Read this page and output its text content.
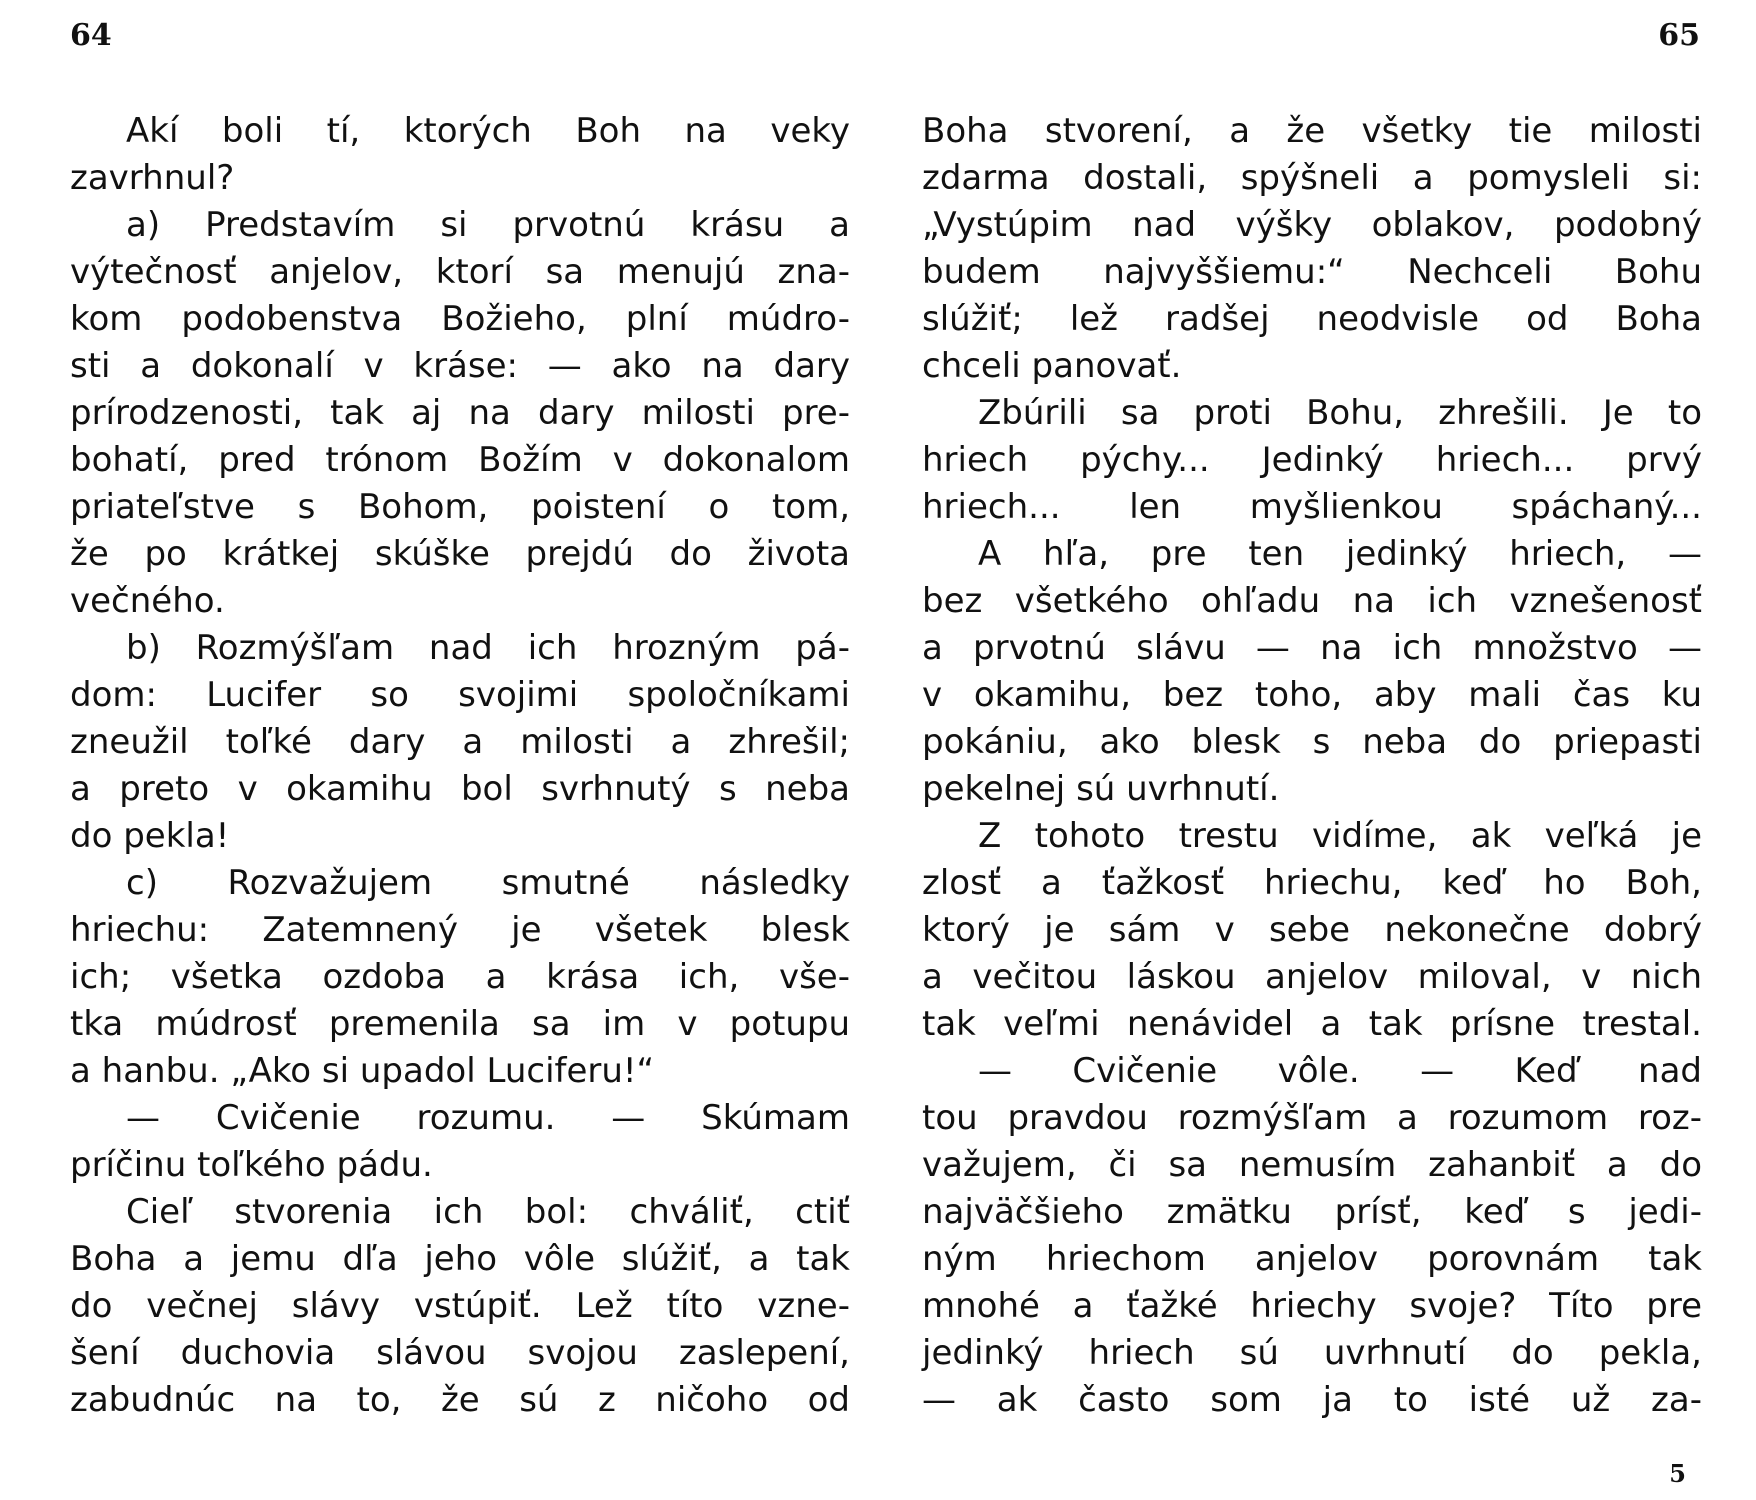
64
Akí boli tí, ktorých Boh na veky
zavrhnul?
a) Predstavím si prvotnú krásu a
výtečnosť anjelov, ktorí sa menujú zna-
kom podobenstva Božieho, plní múdro-
sti a dokonalí v kráse: — ako na dary
prírodzenosti, tak aj na dary milosti pre-
bohatí, pred trónom Božím v dokonalom
priateľstve s Bohom, poistení o tom,
že po krátkej skúške prejdú do života
večného.
b) Rozmýšľam nad ich hrozným pá-
dom: Lucifer so svojimi spoločníkami
zneužil toľké dary a milosti a zhrešil;
a preto v okamihu bol svrhnutý s neba
do pekla!
c) Rozvažujem smutné následky
hriechu: Zatemnený je všetek blesk
ich; všetka ozdoba a krása ich, vše-
tka múdrosť premenila sa im v potupu
a hanbu. „Ako si upadol Luciferu!“
— Cvičenie rozumu. — Skúmam
príčinu toľkého pádu.
Cieľ stvorenia ich bol: chváliť, ctiť
Boha a jemu dľa jeho vôle slúžiť, a tak
do večnej slávy vstúpiť. Lež títo vzne-
šení duchovia slávou svojou zaslepení,
zabudnúc na to, že sú z ničoho od
65
Boha stvorení, a že všetky tie milosti
zdarma dostali, spýšneli a pomysleli si:
„Vystúpim nad výšky oblakov, podobný
budem najvyššiemu:“ Nechceli Bohu
slúžiť; lež radšej neodvisle od Boha
chceli panovať.
Zbúrili sa proti Bohu, zhrešili. Je to
hriech pýchy... Jedinký hriech... prvý
hriech... len myšlienkou spáchaný...
A hľa, pre ten jedinký hriech, —
bez všetkého ohľadu na ich vznešenosť
a prvotnú slávu — na ich množstvo —
v okamihu, bez toho, aby mali čas ku
pokániu, ako blesk s neba do priepasti
pekelnej sú uvrhnutí.
Z tohoto trestu vidíme, ak veľká je
zlosť a ťažkosť hriechu, keď ho Boh,
ktorý je sám v sebe nekonečne dobrý
a večitou láskou anjelov miloval, v nich
tak veľmi nenávidel a tak prísne trestal.
— Cvičenie vôle. — Keď nad
tou pravdou rozmýšľam a rozumom roz-
važujem, či sa nemusím zahanbiť a do
najväčšieho zmätku prísť, keď s jedi-
ným hriechom anjelov porovnám tak
mnohé a ťažké hriechy svoje? Títo pre
jedinký hriech sú uvrhnutí do pekla,
— ak často som ja to isté už za-
5
